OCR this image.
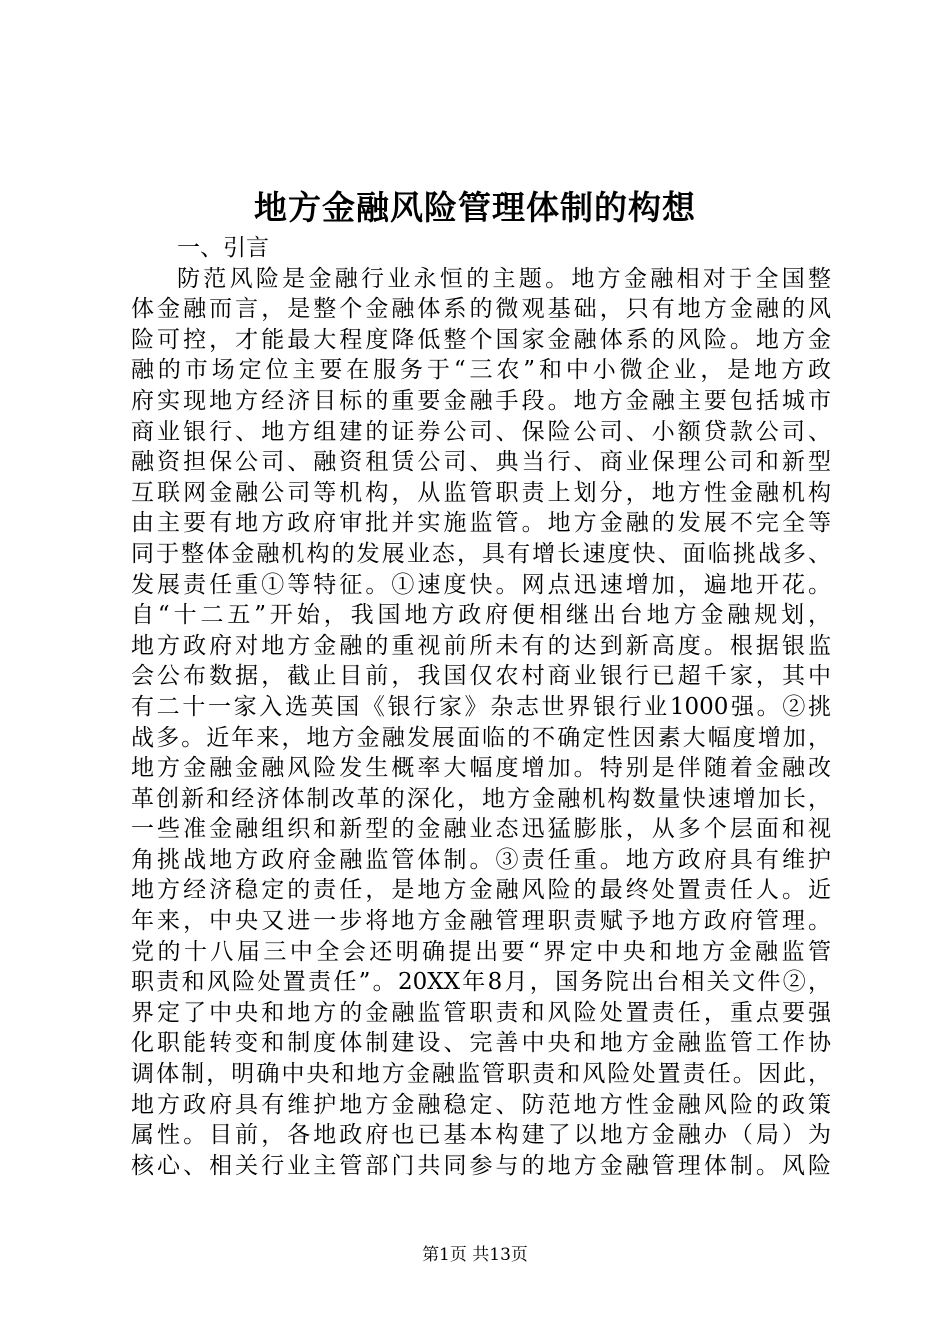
地方金融风险管理体制的构想
一、引言
防范风险是金融行业永恒的主题。地方金融相对于全国整
体金融而言，是整个金融体系的微观基础，只有地方金融的风
险可控，才能最大程度降低整个国家金融体系的风险。地方金
融的市场定位主要在服务于“三农”和中小微企业，是地方政
府实现地方经济目标的重要金融手段。地方金融主要包括城市
商业银行、地方组建的证券公司、保险公司、小额贷款公司、
融资担保公司、融资租赁公司、典当行、商业保理公司和新型
互联网金融公司等机构，从监管职责上划分，地方性金融机构
由主要有地方政府审批并实施监管。地方金融的发展不完全等
同于整体金融机构的发展业态，具有增长速度快、面临挑战多、
发展责任重①等特征。①速度快。网点迅速增加，遍地开花。
自“十二五”开始，我国地方政府便相继出台地方金融规划，
地方政府对地方金融的重视前所未有的达到新高度。根据银监
会公布数据，截止目前，我国仅农村商业银行已超千家，其中
有二十一家入选英国《银行家》杂志世界银行业1000强。②挑
战多。近年来，地方金融发展面临的不确定性因素大幅度增加，
地方金融金融风险发生概率大幅度增加。特别是伴随着金融改
革创新和经济体制改革的深化，地方金融机构数量快速增加长，
一些准金融组织和新型的金融业态迅猛膨胀，从多个层面和视
角挑战地方政府金融监管体制。③责任重。地方政府具有维护
地方经济稳定的责任，是地方金融风险的最终处置责任人。近
年来，中央又进一步将地方金融管理职责赋予地方政府管理。
党的十八届三中全会还明确提出要“界定中央和地方金融监管
职责和风险处置责任”。20XX年8月，国务院出台相关文件②，
界定了中央和地方的金融监管职责和风险处置责任，重点要强
化职能转变和制度体制建设、完善中央和地方金融监管工作协
调体制，明确中央和地方金融监管职责和风险处置责任。因此，
地方政府具有维护地方金融稳定、防范地方性金融风险的政策
属性。目前，各地政府也已基本构建了以地方金融办（局）为
核心、相关行业主管部门共同参与的地方金融管理体制。风险
第1页 共13页
